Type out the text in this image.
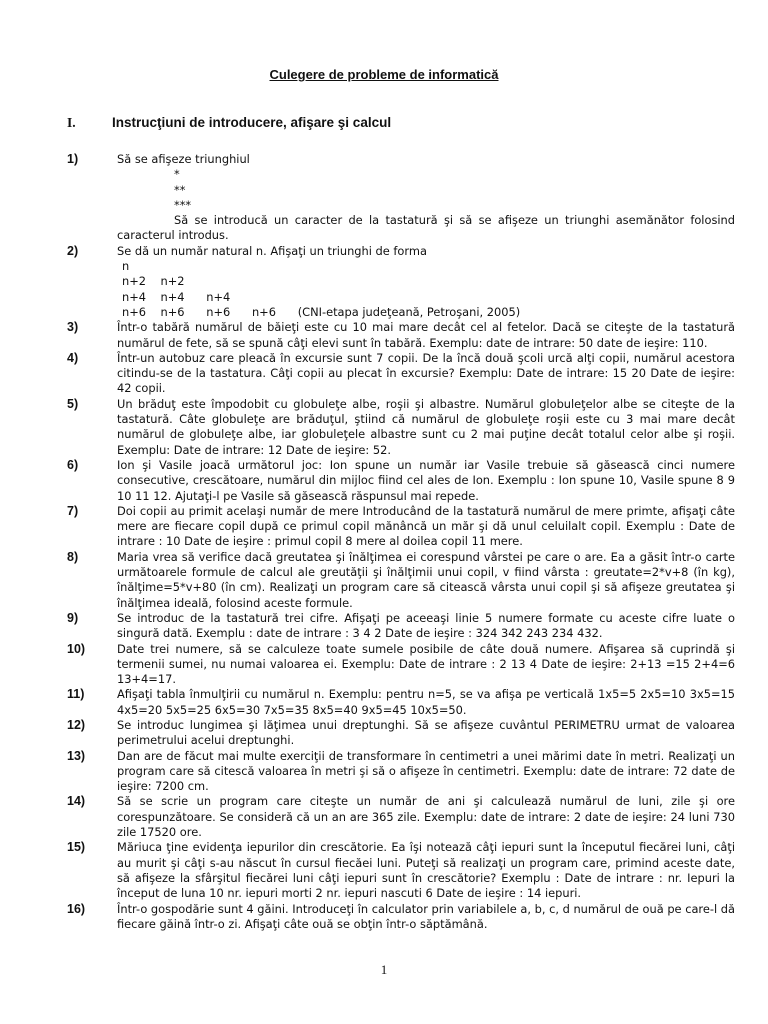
Culegere de probleme de informatică
I.	Instrucţiuni de introducere, afişare şi calcul
1)	Să se afişeze triunghiul
*
**
***
Să se introducă un caracter de la tastatură şi să se afişeze un triunghi asemănător folosind caracterul introdus.
2)	Se dă un număr natural n. Afişaţi un triunghi de forma
n
n+2    n+2
n+4    n+4      n+4
n+6    n+6      n+6      n+6      (CNI-etapa judeţeană, Petroşani, 2005)
3)	Într-o tabără numărul de băieţi este cu 10 mai mare decât cel al fetelor. Dacă se citeşte de la tastatură numărul de fete, să se spună câţi elevi sunt în tabără. Exemplu: date de intrare: 50 date de ieşire: 110.
4)	Într-un autobuz care pleacă în excursie sunt 7 copii. De la încă două şcoli urcă alţi copii, numărul acestora citindu-se de la tastatura. Câţi copii au plecat în excursie? Exemplu: Date de intrare: 15 20 Date de ieşire: 42 copii.
5)	Un brăduţ este împodobit cu globuleţe albe, roşii şi albastre. Numărul globuleţelor albe se citeşte de la tastatură. Câte globuleţe are brăduţul, ştiind că numărul de globuleţe roşii este cu 3 mai mare decât numărul de globuleţe albe, iar globuleţele albastre sunt cu 2 mai puţine decât totalul celor albe şi roşii. Exemplu: Date de intrare: 12 Date de ieşire: 52.
6)	Ion şi Vasile joacă următorul joc: Ion spune un număr iar Vasile trebuie să găsească cinci numere consecutive, crescătoare, numărul din mijloc fiind cel ales de Ion. Exemplu : Ion spune 10, Vasile spune 8 9 10 11 12. Ajutaţi-l pe Vasile să găsească răspunsul mai repede.
7)	Doi copii au primit acelaşi număr de mere Introducând de la tastatură numărul de mere primte, afişaţi câte mere are fiecare copil după ce primul copil mănâncă un măr şi dă unul celuilalt copil. Exemplu : Date de intrare : 10 Date de ieşire : primul copil 8 mere al doilea copil 11 mere.
8)	Maria vrea să verifice dacă greutatea şi înălţimea ei corespund vârstei pe care o are. Ea a găsit într-o carte următoarele formule de calcul ale greutăţii şi înălţimii unui copil, v fiind vârsta : greutate=2*v+8 (în kg), înălţime=5*v+80 (în cm). Realizaţi un program care să citească vârsta unui copil şi să afişeze greutatea şi înălţimea ideală, folosind aceste formule.
9)	Se introduc de la tastatură trei cifre. Afişaţi pe aceeaşi linie 5 numere formate cu aceste cifre luate o singură dată. Exemplu : date de intrare : 3 4 2 Date de ieşire : 324 342 243 234 432.
10)	Date trei numere, să se calculeze toate sumele posibile de câte două numere. Afişarea să cuprindă şi termenii sumei, nu numai valoarea ei. Exemplu: Date de intrare : 2 13 4 Date de ieşire: 2+13 =15 2+4=6 13+4=17.
11)	Afişaţi tabla înmulţirii cu numărul n. Exemplu: pentru n=5, se va afişa pe verticală 1x5=5 2x5=10 3x5=15 4x5=20 5x5=25 6x5=30 7x5=35 8x5=40 9x5=45 10x5=50.
12)	Se introduc lungimea şi lăţimea unui dreptunghi. Să se afişeze cuvântul PERIMETRU urmat de valoarea perimetrului acelui dreptunghi.
13)	Dan are de făcut mai multe exerciţii de transformare în centimetri a unei mărimi date în metri. Realizaţi un program care să citescă valoarea în metri şi să o afişeze în centimetri. Exemplu: date de intrare: 72 date de ieşire: 7200 cm.
14)	Să se scrie un program care citeşte un număr de ani şi calculează numărul de luni, zile şi ore corespunzătoare. Se consideră că un an are 365 zile. Exemplu: date de intrare: 2 date de ieşire: 24 luni 730 zile 17520 ore.
15)	Măriuca ţine evidenţa iepurilor din crescătorie. Ea îşi notează câţi iepuri sunt la începutul fiecărei luni, câţi au murit şi câţi s-au născut în cursul fiecăei luni. Puteţi să realizaţi un program care, primind aceste date, să afişeze la sfârşitul fiecărei luni câţi iepuri sunt în crescătorie? Exemplu : Date de intrare : nr. Iepuri la început de luna 10 nr. iepuri morti 2 nr. iepuri nascuti 6 Date de ieşire : 14 iepuri.
16)	Într-o gospodărie sunt 4 găini. Introduceţi în calculator prin variabilele a, b, c, d numărul de ouă pe care-l dă fiecare găină într-o zi. Afişaţi câte ouă se obţin într-o săptămână.
1
